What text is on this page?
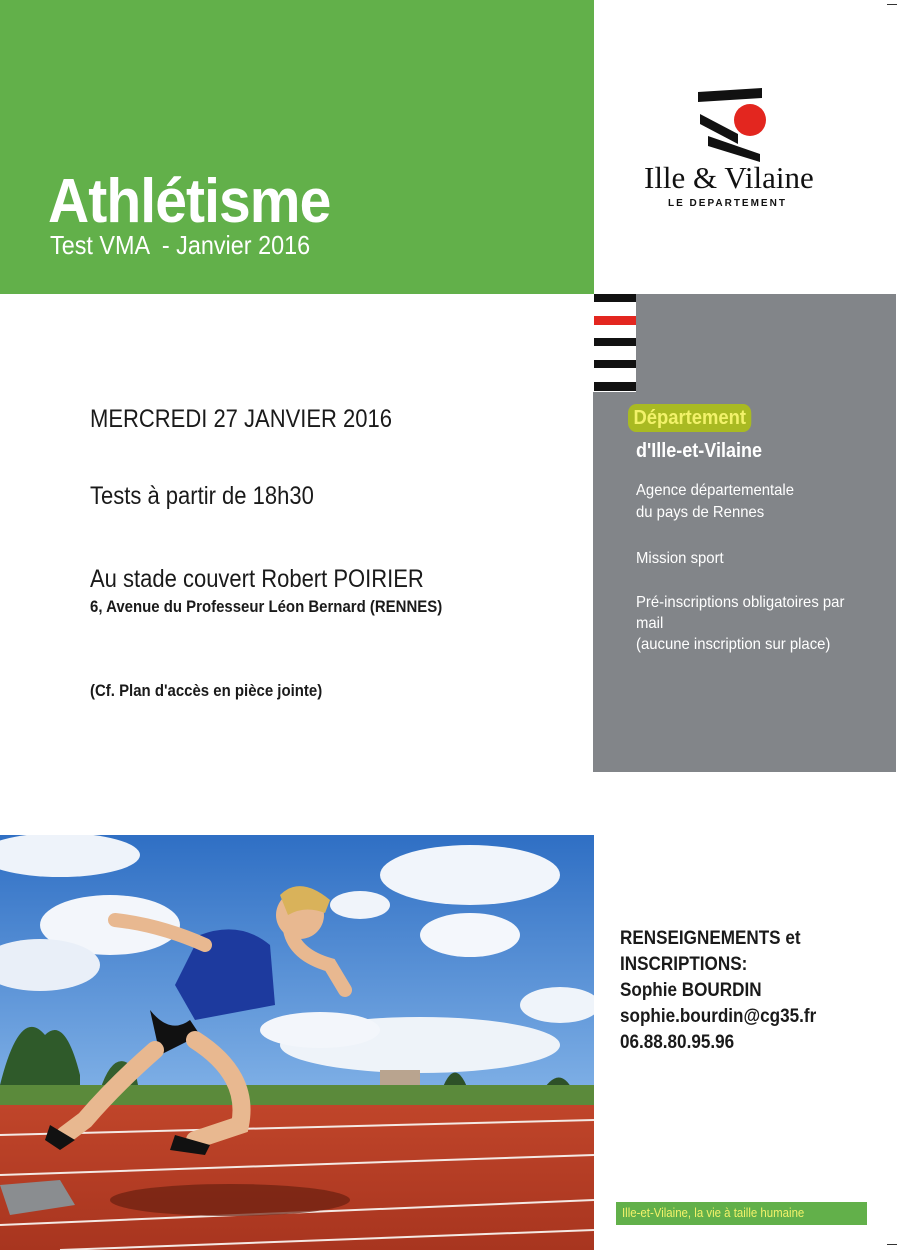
Athlétisme
Test VMA  - Janvier 2016
Ille & Vilaine
LE DEPARTEMENT
Département
d'Ille-et-Vilaine
Agence départementale
du pays de Rennes
Mission sport
Pré-inscriptions obligatoires par
mail
(aucune inscription sur place)
MERCREDI 27 JANVIER 2016
Tests à partir de 18h30
Au stade couvert Robert POIRIER
6, Avenue du Professeur Léon Bernard (RENNES)
(Cf. Plan d'accès en pièce jointe)
RENSEIGNEMENTS et
INSCRIPTIONS:
Sophie BOURDIN
sophie.bourdin@cg35.fr
06.88.80.95.96
Ille-et-Vilaine, la vie à taille humaine
